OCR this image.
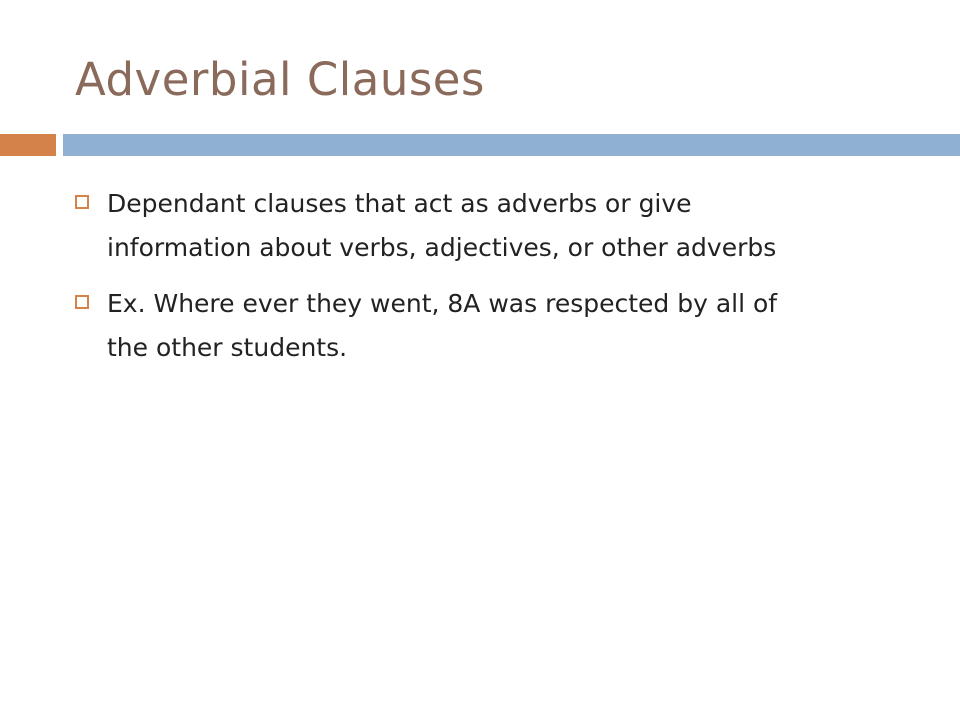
Adverbial Clauses
Dependant clauses that act as adverbs or give information about verbs, adjectives, or other adverbs
Ex. Where ever they went, 8A was respected by all of the other students.
